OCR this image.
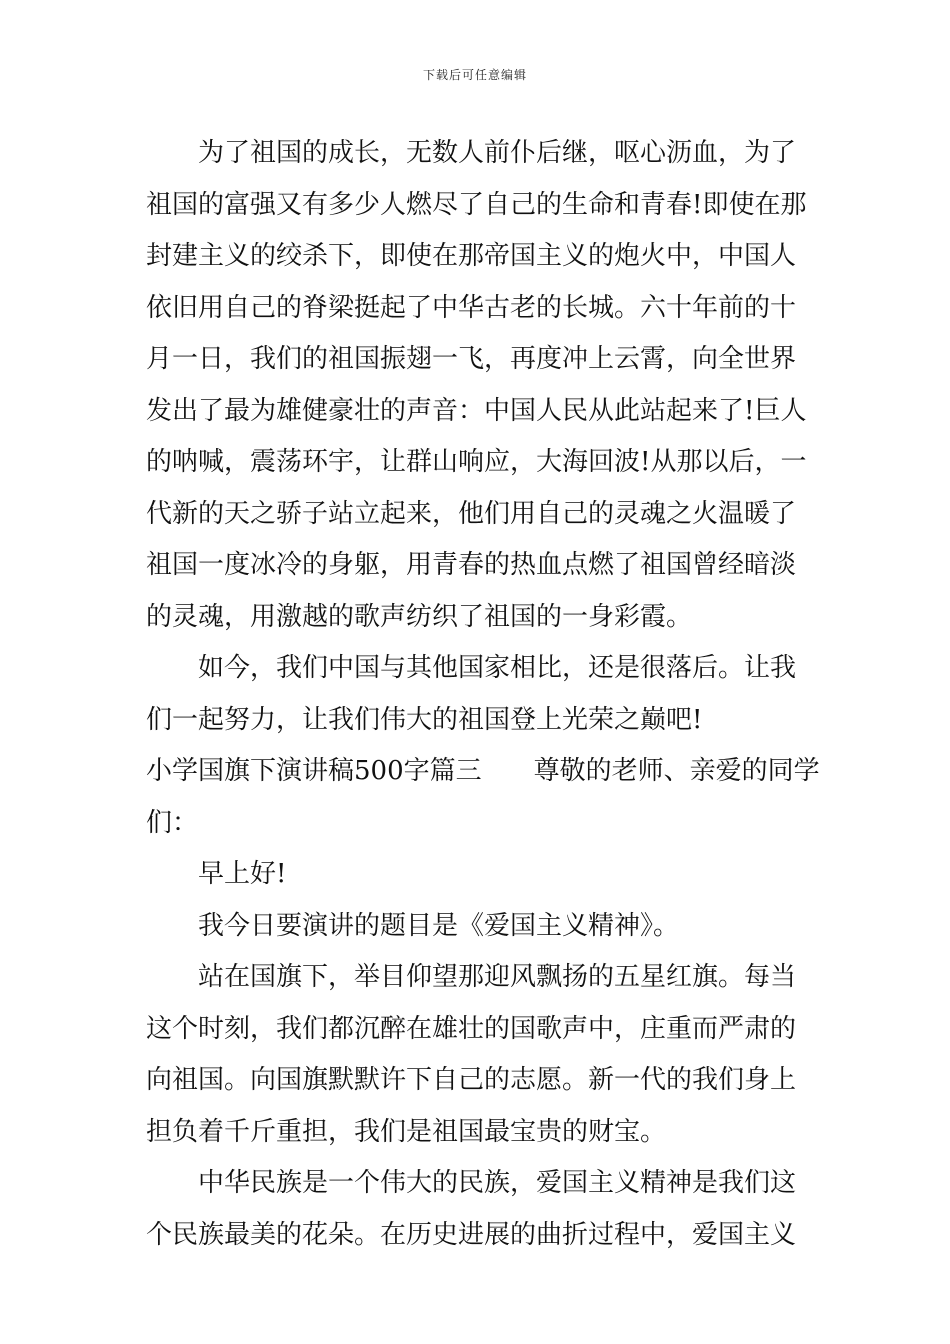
下载后可任意编辑
为了祖国的成长，无数人前仆后继，呕心沥血，为了
祖国的富强又有多少人燃尽了自己的生命和青春!即使在那
封建主义的绞杀下，即使在那帝国主义的炮火中，中国人
依旧用自己的脊梁挺起了中华古老的长城。六十年前的十
月一日，我们的祖国振翅一飞，再度冲上云霄，向全世界
发出了最为雄健豪壮的声音：中国人民从此站起来了!巨人
的呐喊，震荡环宇，让群山响应，大海回波!从那以后，一
代新的天之骄子站立起来，他们用自己的灵魂之火温暖了
祖国一度冰冷的身躯，用青春的热血点燃了祖国曾经暗淡
的灵魂，用激越的歌声纺织了祖国的一身彩霞。
如今，我们中国与其他国家相比，还是很落后。让我
们一起努力，让我们伟大的祖国登上光荣之巅吧!
小学国旗下演讲稿500字篇三 尊敬的老师、亲爱的同学
们：
早上好!
我今日要演讲的题目是《爱国主义精神》。
站在国旗下，举目仰望那迎风飘扬的五星红旗。每当
这个时刻，我们都沉醉在雄壮的国歌声中，庄重而严肃的
向祖国。向国旗默默许下自己的志愿。新一代的我们身上
担负着千斤重担，我们是祖国最宝贵的财宝。
中华民族是一个伟大的民族，爱国主义精神是我们这
个民族最美的花朵。在历史进展的曲折过程中，爱国主义
